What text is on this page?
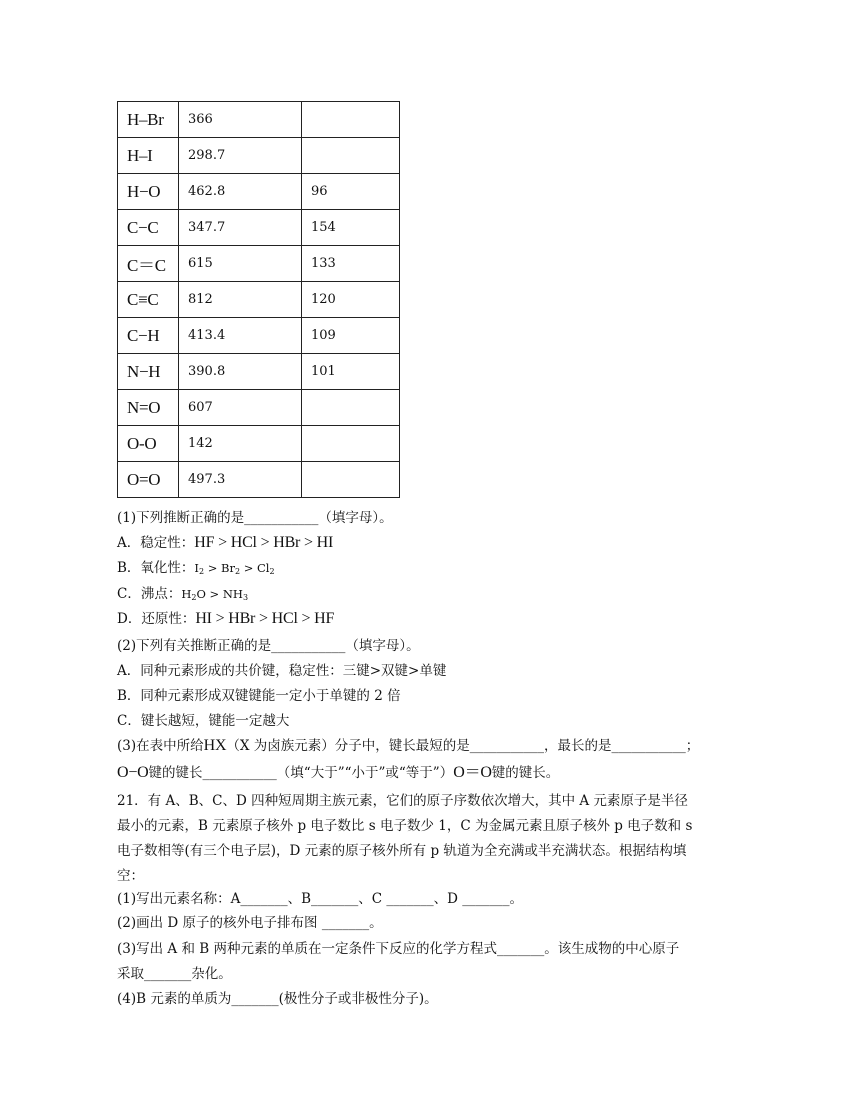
H–Br	366	
H–I	298.7	
H−O	462.8	96
C−C	347.7	154
C＝C	615	133
C≡C	812	120
C−H	413.4	109
N−H	390.8	101
N=O	607	
O-O	142	
O=O	497.3	
(1)下列推断正确的是___________（填字母）。
A．稳定性：HF > HCl > HBr > HI
B．氧化性：$I_2 > Br_2 > Cl_2$
C．沸点：$H_2O > NH_3$
D．还原性：HI > HBr > HCl > HF
(2)下列有关推断正确的是___________（填字母）。
A．同种元素形成的共价键，稳定性：三键>双键>单键
B．同种元素形成双键键能一定小于单键的 2 倍
C．键长越短，键能一定越大
(3)在表中所给HX（X 为卤族元素）分子中，键长最短的是___________，最长的是___________；
O−O键的键长___________（填“大于”“小于”或“等于”）O＝O键的键长。
21．有 A、B、C、D 四种短周期主族元素，它们的原子序数依次增大，其中 A 元素原子是半径
最小的元素，B 元素原子核外 p 电子数比 s 电子数少 1，C 为金属元素且原子核外 p 电子数和 s
电子数相等(有三个电子层)，D 元素的原子核外所有 p 轨道为全充满或半充满状态。根据结构填
空：
(1)写出元素名称：A_______、B_______、C _______、D _______。
(2)画出 D 原子的核外电子排布图 _______。
(3)写出 A 和 B 两种元素的单质在一定条件下反应的化学方程式_______。该生成物的中心原子
采取_______杂化。
(4)B 元素的单质为_______(极性分子或非极性分子)。
